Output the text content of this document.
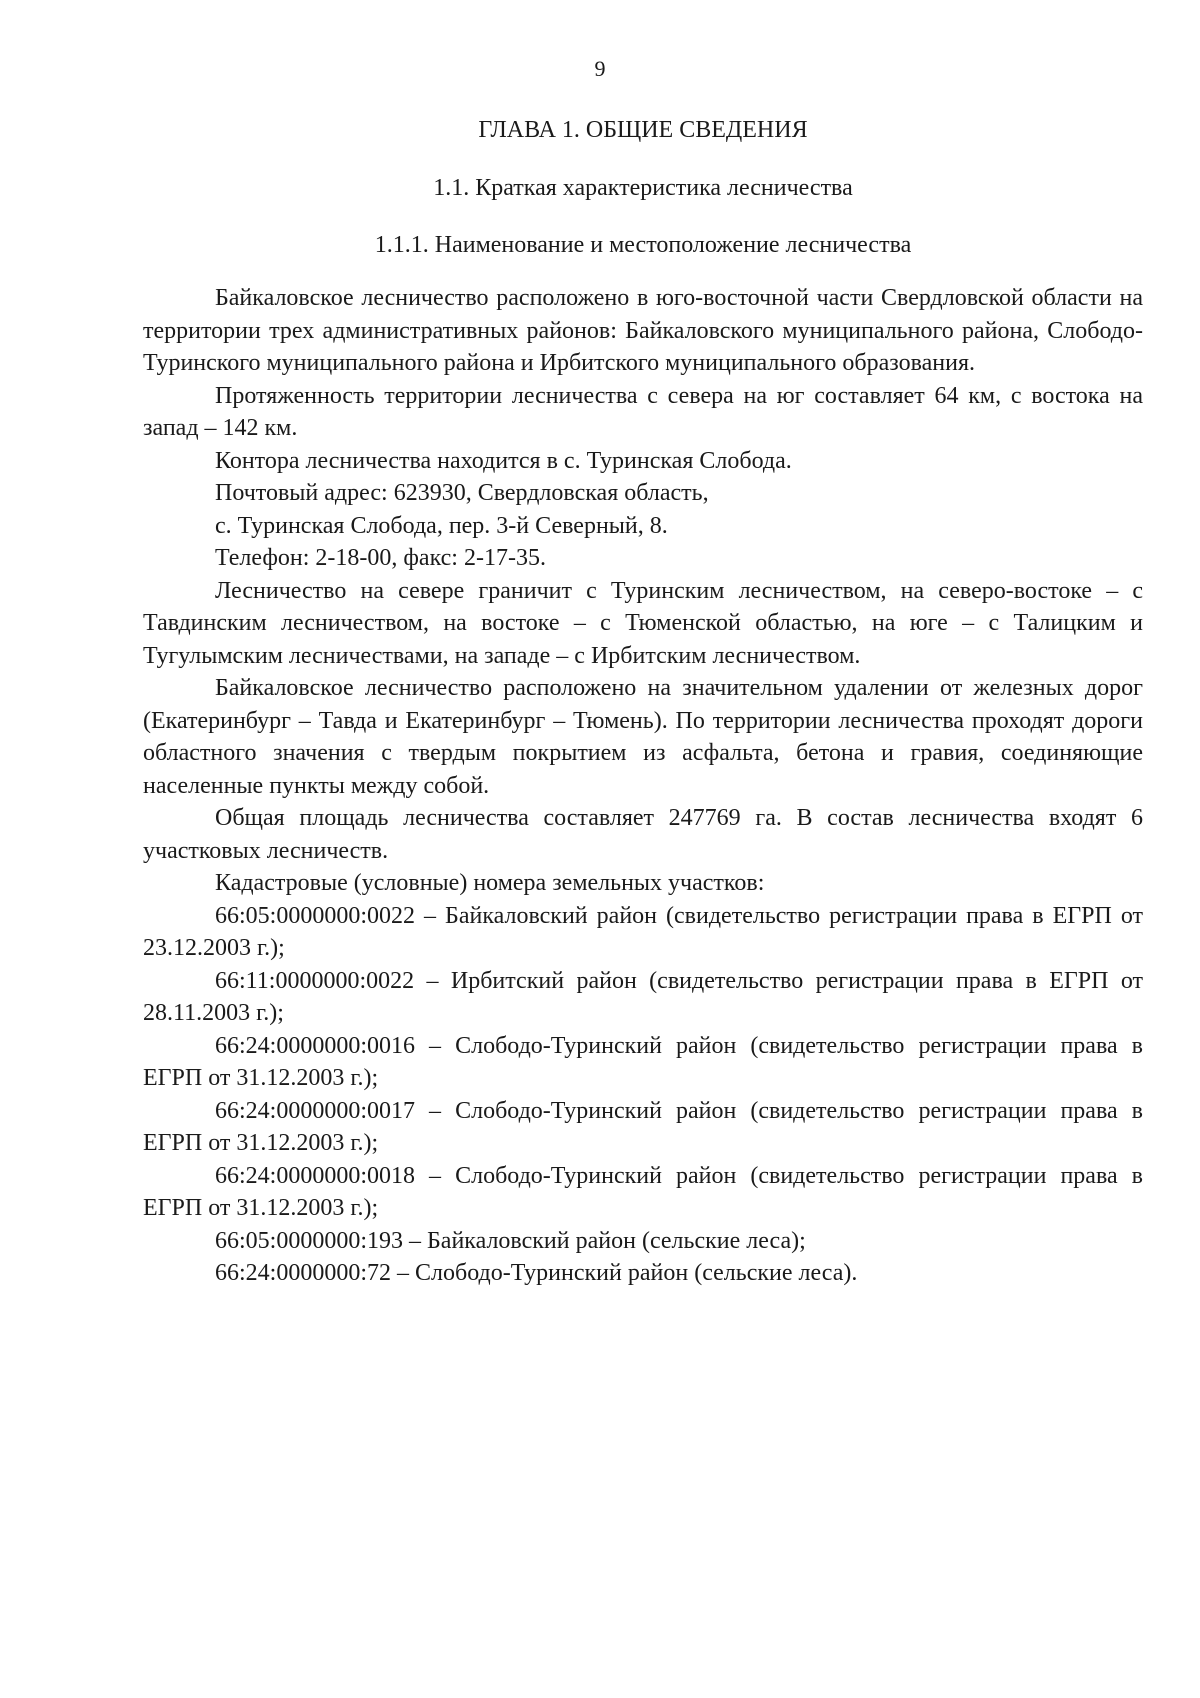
9
ГЛАВА 1. ОБЩИЕ СВЕДЕНИЯ
1.1. Краткая характеристика лесничества
1.1.1. Наименование и местоположение лесничества

Байкаловское лесничество расположено в юго-восточной части Свердловской области на территории трех административных районов: Байкаловского муниципального района, Слободо-Туринского муниципального района и Ирбитского муниципального образования.

Протяженность территории лесничества с севера на юг составляет 64 км, с востока на запад – 142 км.

Контора лесничества находится в с. Туринская Слобода.

Почтовый адрес: 623930, Свердловская область,

с. Туринская Слобода, пер. 3-й Северный, 8.

Телефон: 2-18-00, факс: 2-17-35.

Лесничество на севере граничит с Туринским лесничеством, на северо-востоке – с Тавдинским лесничеством, на востоке – с Тюменской областью, на юге – с Талицким и Тугулымским лесничествами, на западе – с Ирбитским лесничеством.

Байкаловское лесничество расположено на значительном удалении от железных дорог (Екатеринбург – Тавда и Екатеринбург – Тюмень). По территории лесничества проходят дороги областного значения с твердым покрытием из асфальта, бетона и гравия, соединяющие населенные пункты между собой.

Общая площадь лесничества составляет 247769 га. В состав лесничества входят 6 участковых лесничеств.

Кадастровые (условные) номера земельных участков:

66:05:0000000:0022 – Байкаловский район (свидетельство регистрации права в ЕГРП от 23.12.2003 г.);

66:11:0000000:0022 – Ирбитский район (свидетельство регистрации права в ЕГРП от 28.11.2003 г.);

66:24:0000000:0016 – Слободо-Туринский район (свидетельство регистрации права в ЕГРП от 31.12.2003 г.);

66:24:0000000:0017 – Слободо-Туринский район (свидетельство регистрации права в ЕГРП от 31.12.2003 г.);

66:24:0000000:0018 – Слободо-Туринский район (свидетельство регистрации права в ЕГРП от 31.12.2003 г.);

66:05:0000000:193 – Байкаловский район (сельские леса);

66:24:0000000:72 – Слободо-Туринский район (сельские леса).
